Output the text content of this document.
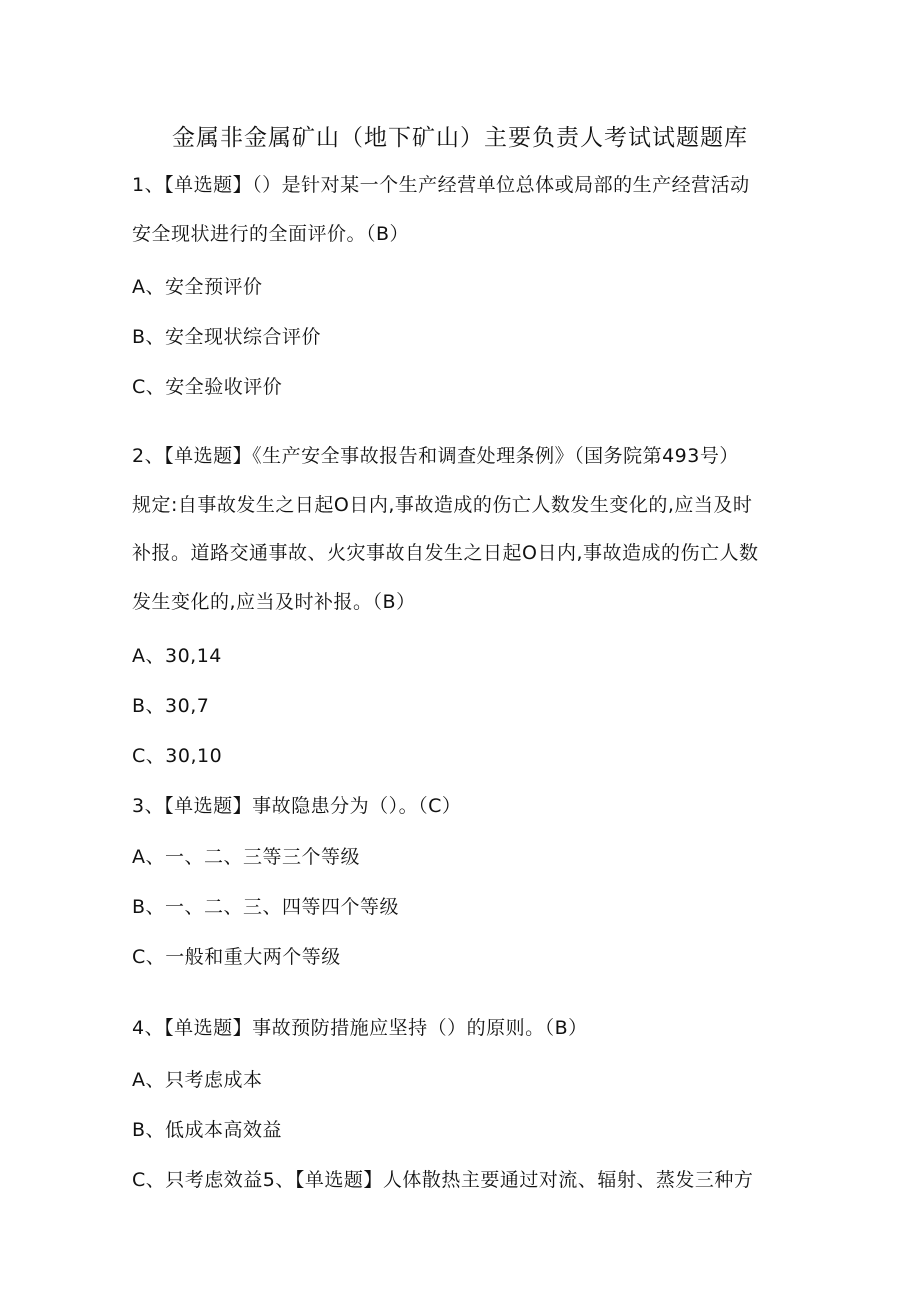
金属非金属矿山（地下矿山）主要负责人考试试题题库
1、【单选题】（）是针对某一个生产经营单位总体或局部的生产经营活动
安全现状进行的全面评价。（B）
A、安全预评价
B、安全现状综合评价
C、安全验收评价
2、【单选题】《生产安全事故报告和调查处理条例》（国务院第493号）
规定:自事故发生之日起O日内,事故造成的伤亡人数发生变化的,应当及时
补报。道路交通事故、火灾事故自发生之日起O日内,事故造成的伤亡人数
发生变化的,应当及时补报。（B）
A、30,14
B、30,7
C、30,10
3、【单选题】事故隐患分为（）。（C）
A、一、二、三等三个等级
B、一、二、三、四等四个等级
C、一般和重大两个等级
4、【单选题】事故预防措施应坚持（）的原则。（B）
A、只考虑成本
B、低成本高效益
C、只考虑效益5、【单选题】人体散热主要通过对流、辐射、蒸发三种方
